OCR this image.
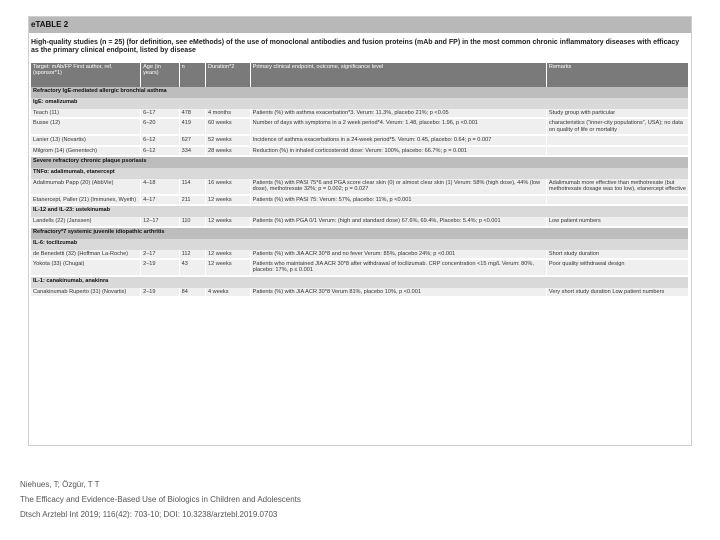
eTABLE 2
High-quality studies (n = 25) (for definition, see eMethods) of the use of monoclonal antibodies and fusion proteins (mAb and FP) in the most common chronic inflammatory diseases with efficacy as the primary clinical endpoint, listed by disease
Target: mAb/FP First author, ref. (sponsor*1)	Age (in years)	n	Duration*2	Primary clinical endpoint, outcome, significance level	Remarks
Refractory IgE-mediated allergic bronchial asthma					
IgE: omalizumab					
Teach (11)	6–17	478	4 months	Patients (%) with asthma exacerbation*3. Verum: 11.3%, placebo 21%; p <0.05	Study group with particular
Busse (12)	6–20	419	60 weeks	Number of days with symptoms in a 2 week period*4. Verum: 1.48, placebo: 1.96, p <0.001	characteristics (“inner-city populations”, USA); no data on quality of life or mortality
Lanier (13) (Novartis)	6–12	627	52 weeks	Incidence of asthma exacerbations in a 24-week period*5. Verum: 0.45, placebo: 0.64; p = 0.007	
Milgrom (14) (Genentech)	6–12	334	28 weeks	Reduction (%) in inhaled corticosteroid dose: Verum: 100%, placebo: 66.7%; p = 0.001	
Severe refractory chronic plaque psoriasis					
TNFα: adalimumab, etanercept					
Adalimumab Papp (20) (AbbVie)	4–18	114	16 weeks	Patients (%) with PASI 75*6 and PGA score clear skin (0) or almost clear skin (1) Verum: 58% (high dose), 44% (low dose), methotrexate 32%; p = 0.002; p = 0.027	Adalimumab more effective than methotrexate (but methotrexate dosage was too low), etanercept effective
Etanercept, Paller (21) (Immunex, Wyeth)	4–17	211	12 weeks	Patients (%) with PASI 75: Verum: 57%, placebo: 11%, p <0.001	
IL-12 and IL-23: ustekinumab					
Landells (22) (Janssen)	12–17	110	12 weeks	Patients (%) with PGA 0/1 Verum: (high and standard dose) 67.6%, 69.4%, Placebo: 5.4%; p <0.001	Low patient numbers
Refractory*7 systemic juvenile idiopathic arthritis					
IL-6: tocilizumab					
de Benedetti (32) (Hoffman La-Roche)	2–17	112	12 weeks	Patients (%) with JIA ACR 30*8 and no fever Verum: 85%, placebo 24%; p <0.001	Short study duration
Yokota (33) (Chugai)	2–19	43	12 weeks	Patients who maintained JIA ACR 30*8 after withdrawal of tocilizumab. CRP concentration <15 mg/L Verum: 80%, placebo: 17%, p ≤ 0.001	Poor quality withdrawal design
IL-1: canakinumab, anakinra					
Canakinumab Ruperto (31) (Novartis)	2–19	84	4 weeks	Patients (%) with JIA ACR 30*8 Verum 81%, placebo 10%, p <0.001	Very short study duration Low patient numbers
Niehues, T; Özgür, T T
The Efficacy and Evidence-Based Use of Biologics in Children and Adolescents
Dtsch Arztebl Int 2019; 116(42): 703-10; DOI: 10.3238/arztebl.2019.0703
